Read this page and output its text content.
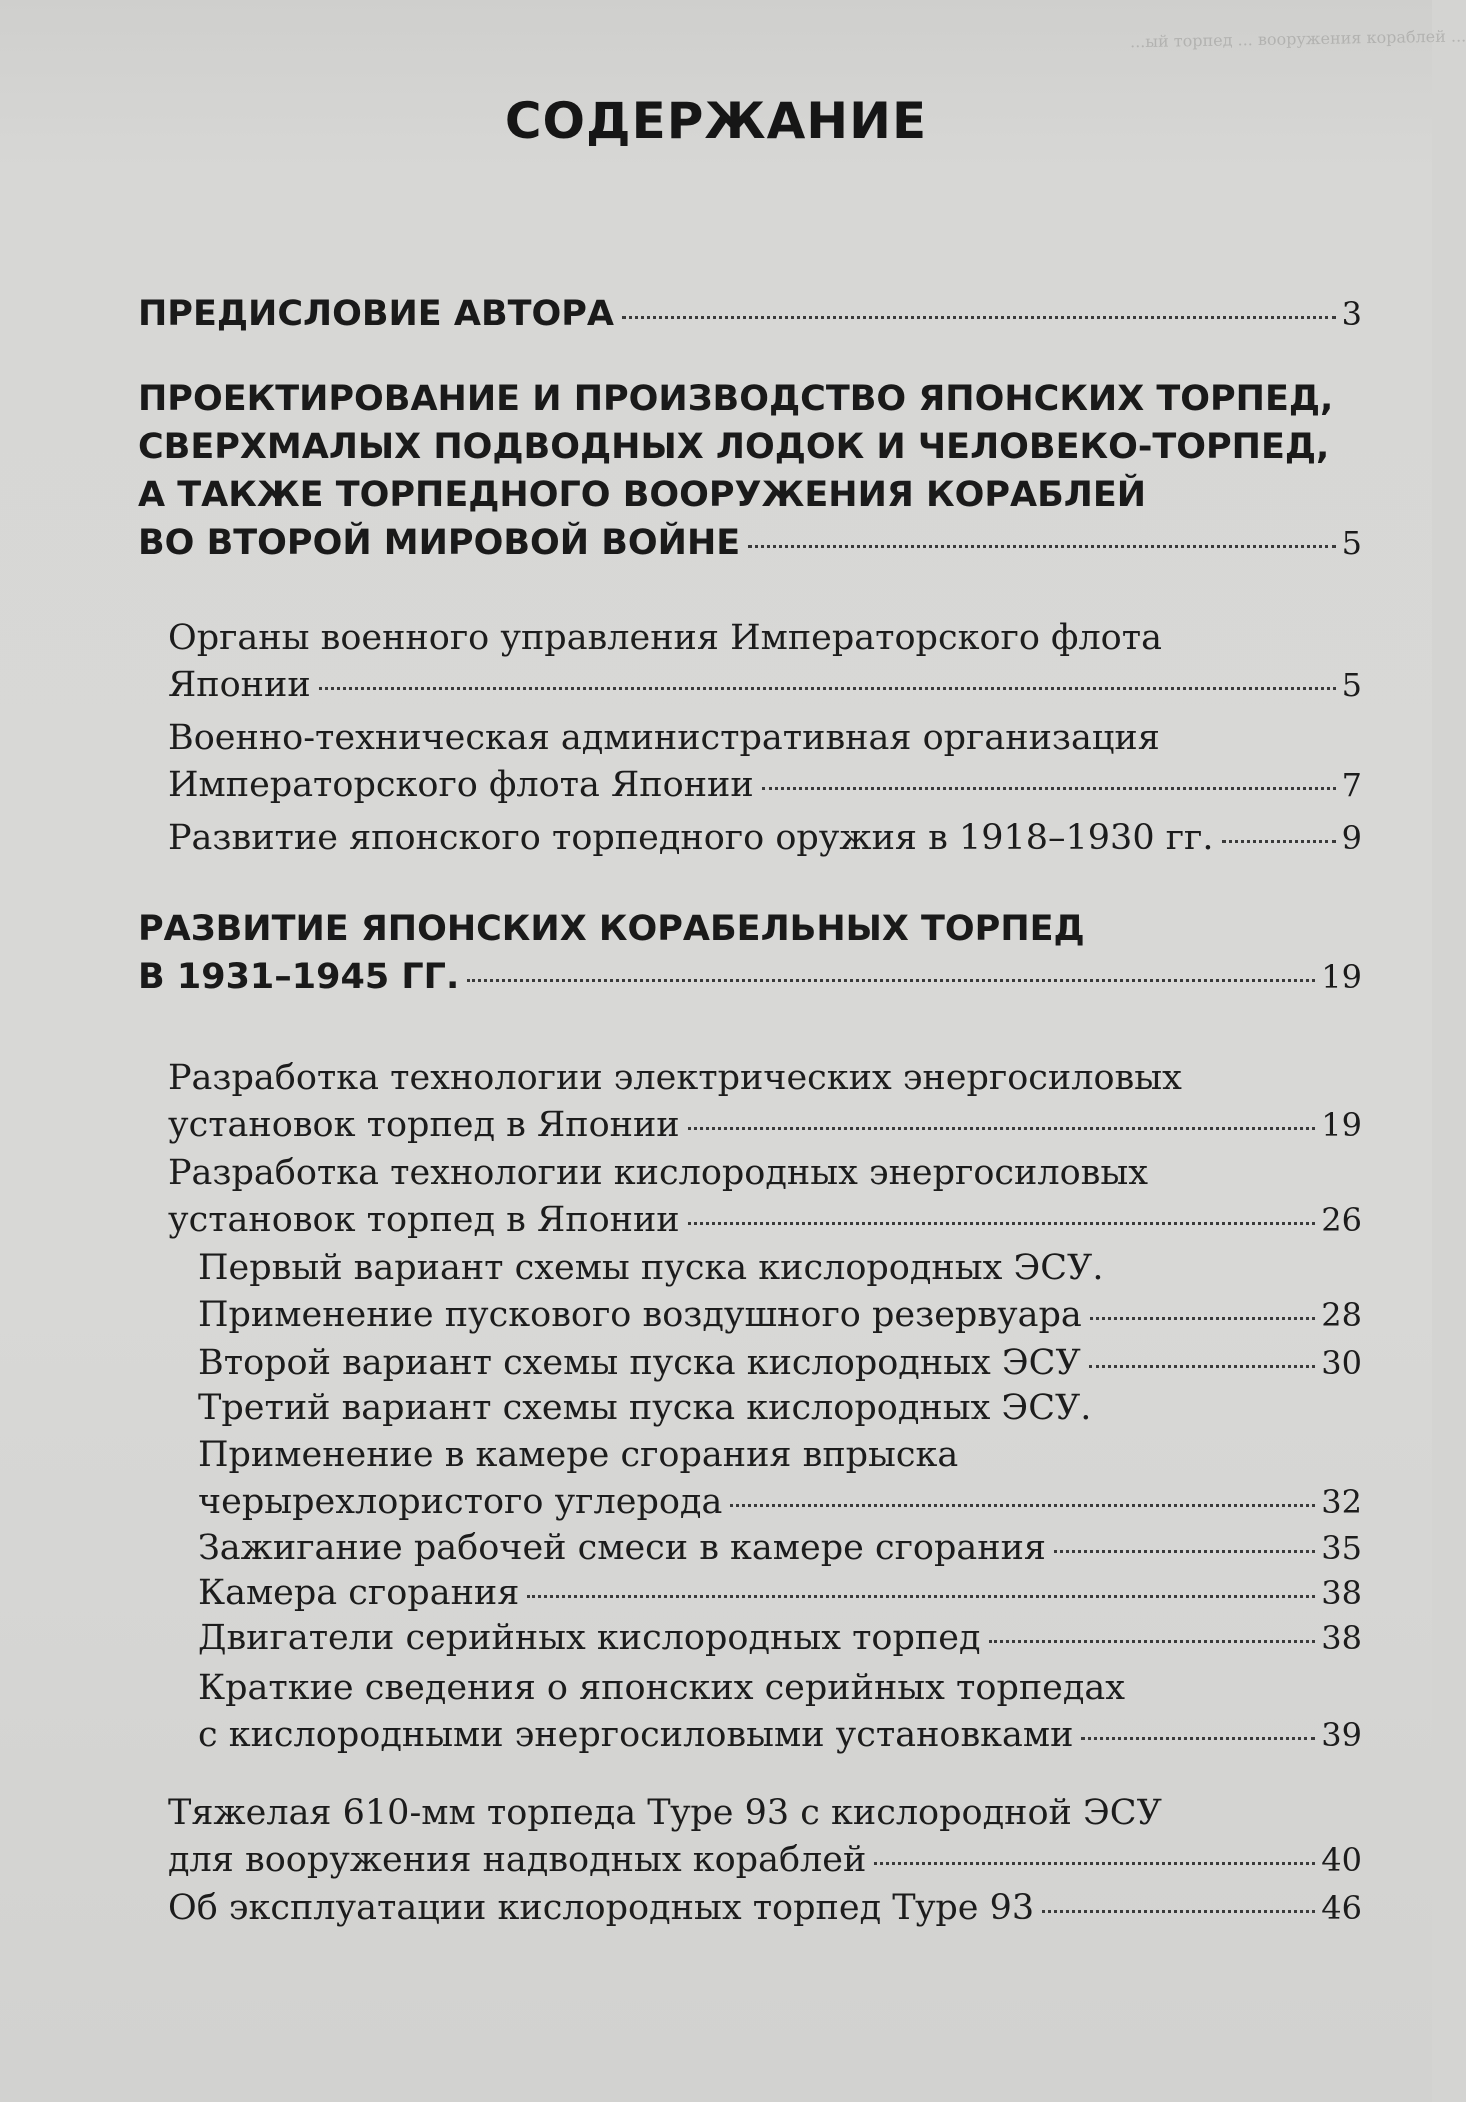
...ый торпед ... вооружения кораблей ...
СОДЕРЖАНИЕ
ПРЕДИСЛОВИЕ АВТОРА	3
ПРОЕКТИРОВАНИЕ И ПРОИЗВОДСТВО ЯПОНСКИХ ТОРПЕД,
СВЕРХМАЛЫХ ПОДВОДНЫХ ЛОДОК И ЧЕЛОВЕКО-ТОРПЕД,
А ТАКЖЕ ТОРПЕДНОГО ВООРУЖЕНИЯ КОРАБЛЕЙ
ВО ВТОРОЙ МИРОВОЙ ВОЙНЕ	5
Органы военного управления Императорского флота
Японии	5
Военно-техническая административная организация
Императорского флота Японии	7
Развитие японского торпедного оружия в 1918–1930 гг.	9
РАЗВИТИЕ ЯПОНСКИХ КОРАБЕЛЬНЫХ ТОРПЕД
В 1931–1945 ГГ.	19
Разработка технологии электрических энергосиловых
установок торпед в Японии	19
Разработка технологии кислородных энергосиловых
установок торпед в Японии	26
Первый вариант схемы пуска кислородных ЭСУ.
Применение пускового воздушного резервуара	28
Второй вариант схемы пуска кислородных ЭСУ	30
Третий вариант схемы пуска кислородных ЭСУ.
Применение в камере сгорания впрыска
черырехлористого углерода	32
Зажигание рабочей смеси в камере сгорания	35
Камера сгорания	38
Двигатели серийных кислородных торпед	38
Краткие сведения о японских серийных торпедах
с кислородными энергосиловыми установками	39
Тяжелая 610-мм торпеда Type 93 с кислородной ЭСУ
для вооружения надводных кораблей	40
Об эксплуатации кислородных торпед Type 93	46
